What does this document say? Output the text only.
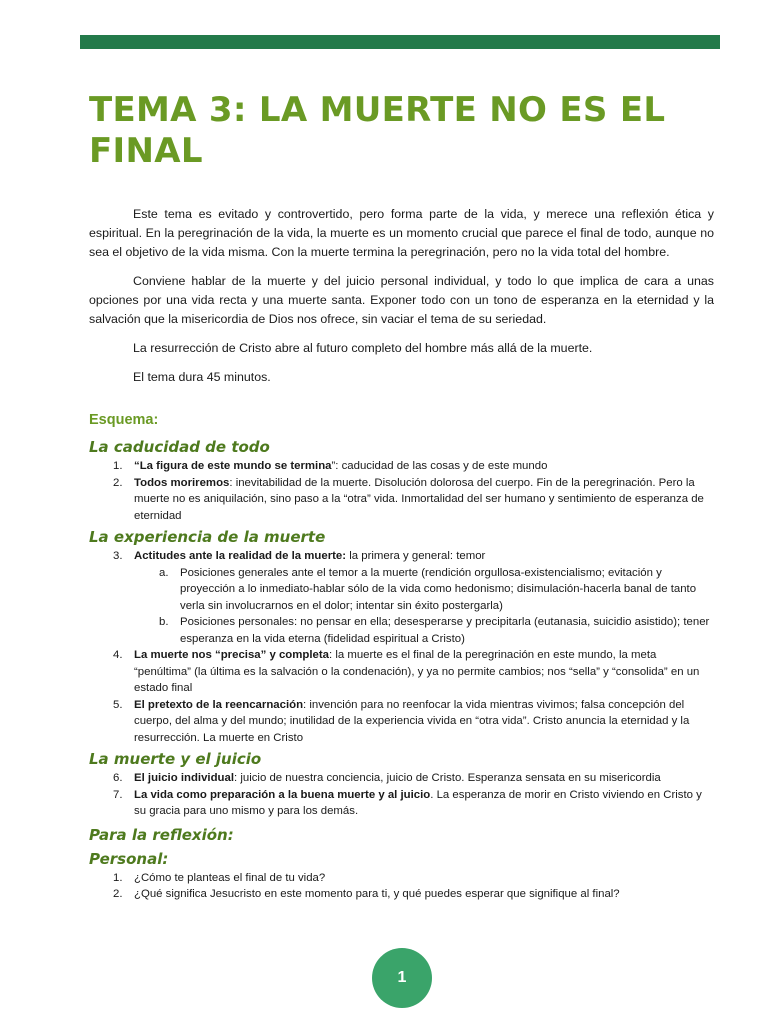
TEMA 3: LA MUERTE NO ES EL FINAL

Este tema es evitado y controvertido, pero forma parte de la vida, y merece una reflexión ética y espiritual. En la peregrinación de la vida, la muerte es un momento crucial que parece el final de todo, aunque no sea el objetivo de la vida misma. Con la muerte termina la peregrinación, pero no la vida total del hombre.

Conviene hablar de la muerte y del juicio personal individual, y todo lo que implica de cara a unas opciones por una vida recta y una muerte santa. Exponer todo con un tono de esperanza en la eternidad y la salvación que la misericordia de Dios nos ofrece, sin vaciar el tema de su seriedad.

La resurrección de Cristo abre al futuro completo del hombre más allá de la muerte.

El tema dura 45 minutos.

Esquema:
La caducidad de todo
1. “La figura de este mundo se termina”: caducidad de las cosas y de este mundo
2. Todos moriremos: inevitabilidad de la muerte. Disolución dolorosa del cuerpo. Fin de la peregrinación. Pero la muerte no es aniquilación, sino paso a la “otra” vida. Inmortalidad del ser humano y sentimiento de esperanza de eternidad
La experiencia de la muerte
3. Actitudes ante la realidad de la muerte: la primera y general: temor
a. Posiciones generales ante el temor a la muerte (rendición orgullosa-existencialismo; evitación y proyección a lo inmediato-hablar sólo de la vida como hedonismo; disimulación-hacerla banal de tanto verla sin involucrarnos en el dolor; intentar sin éxito postergarla)
b. Posiciones personales: no pensar en ella; desesperarse y precipitarla (eutanasia, suicidio asistido); tener esperanza en la vida eterna (fidelidad espiritual a Cristo)
4. La muerte nos “precisa” y completa: la muerte es el final de la peregrinación en este mundo, la meta “penúltima” (la última es la salvación o la condenación), y ya no permite cambios; nos “sella” y “consolida” en un estado final
5. El pretexto de la reencarnación: invención para no reenfocar la vida mientras vivimos; falsa concepción del cuerpo, del alma y del mundo; inutilidad de la experiencia vivida en “otra vida”. Cristo anuncia la eternidad y la resurrección. La muerte en Cristo
La muerte y el juicio
6. El juicio individual: juicio de nuestra conciencia, juicio de Cristo. Esperanza sensata en su misericordia
7. La vida como preparación a la buena muerte y al juicio. La esperanza de morir en Cristo viviendo en Cristo y su gracia para uno mismo y para los demás.
Para la reflexión:
Personal:
1. ¿Cómo te planteas el final de tu vida?
2. ¿Qué significa Jesucristo en este momento para ti, y qué puedes esperar que signifique al final?
1
